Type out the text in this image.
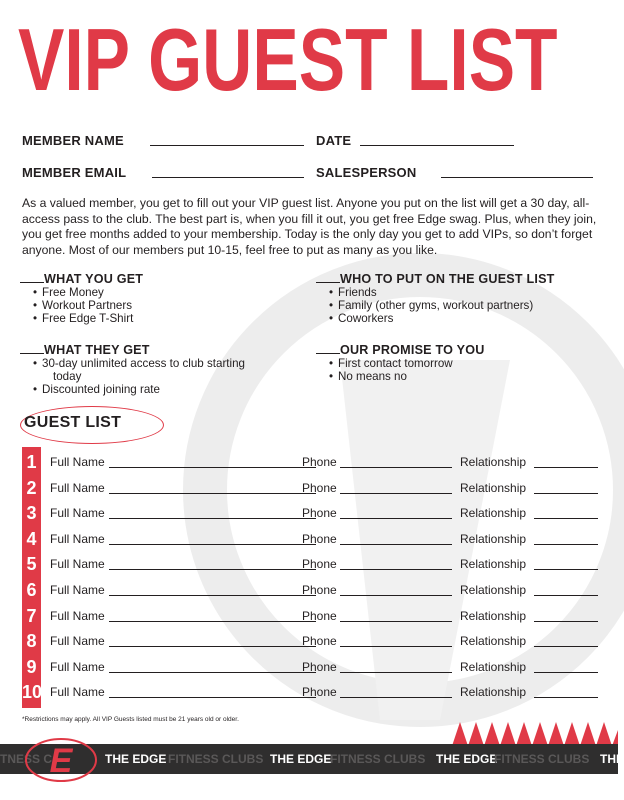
VIP GUEST LIST
MEMBER NAME	DATE
MEMBER EMAIL	SALESPERSON
As a valued member, you get to fill out your VIP guest list. Anyone you put on the list will get a 30 day, all-access pass to the club. The best part is, when you fill it out, you get free Edge swag. Plus, when they join, you get free months added to your membership. Today is the only day you get to add VIPs, so don’t forget anyone. Most of our members put 10-15, feel free to put as many as you like.
WHAT YOU GET
• Free Money
• Workout Partners
• Free Edge T-Shirt
WHO TO PUT ON THE GUEST LIST
• Friends
• Family (other gyms, workout partners)
• Coworkers
WHAT THEY GET
• 30-day unlimited access to club starting
today
• Discounted joining rate
OUR PROMISE TO YOU
• First contact tomorrow
• No means no
GUEST LIST
1	Full Name	Phone	Relationship
2	Full Name	Phone	Relationship
3	Full Name	Phone	Relationship
4	Full Name	Phone	Relationship
5	Full Name	Phone	Relationship
6	Full Name	Phone	Relationship
7	Full Name	Phone	Relationship
8	Full Name	Phone	Relationship
9	Full Name	Phone	Relationship
10 Full Name	Phone	Relationship
*Restrictions may apply. All VIP Guests listed must be 21 years old or older.
TNESS C
E	THE EDGE FITNESS CLUBS THE EDGE
FITNESS CLUBS THE EDGE
FITNESS CLUBS THE
